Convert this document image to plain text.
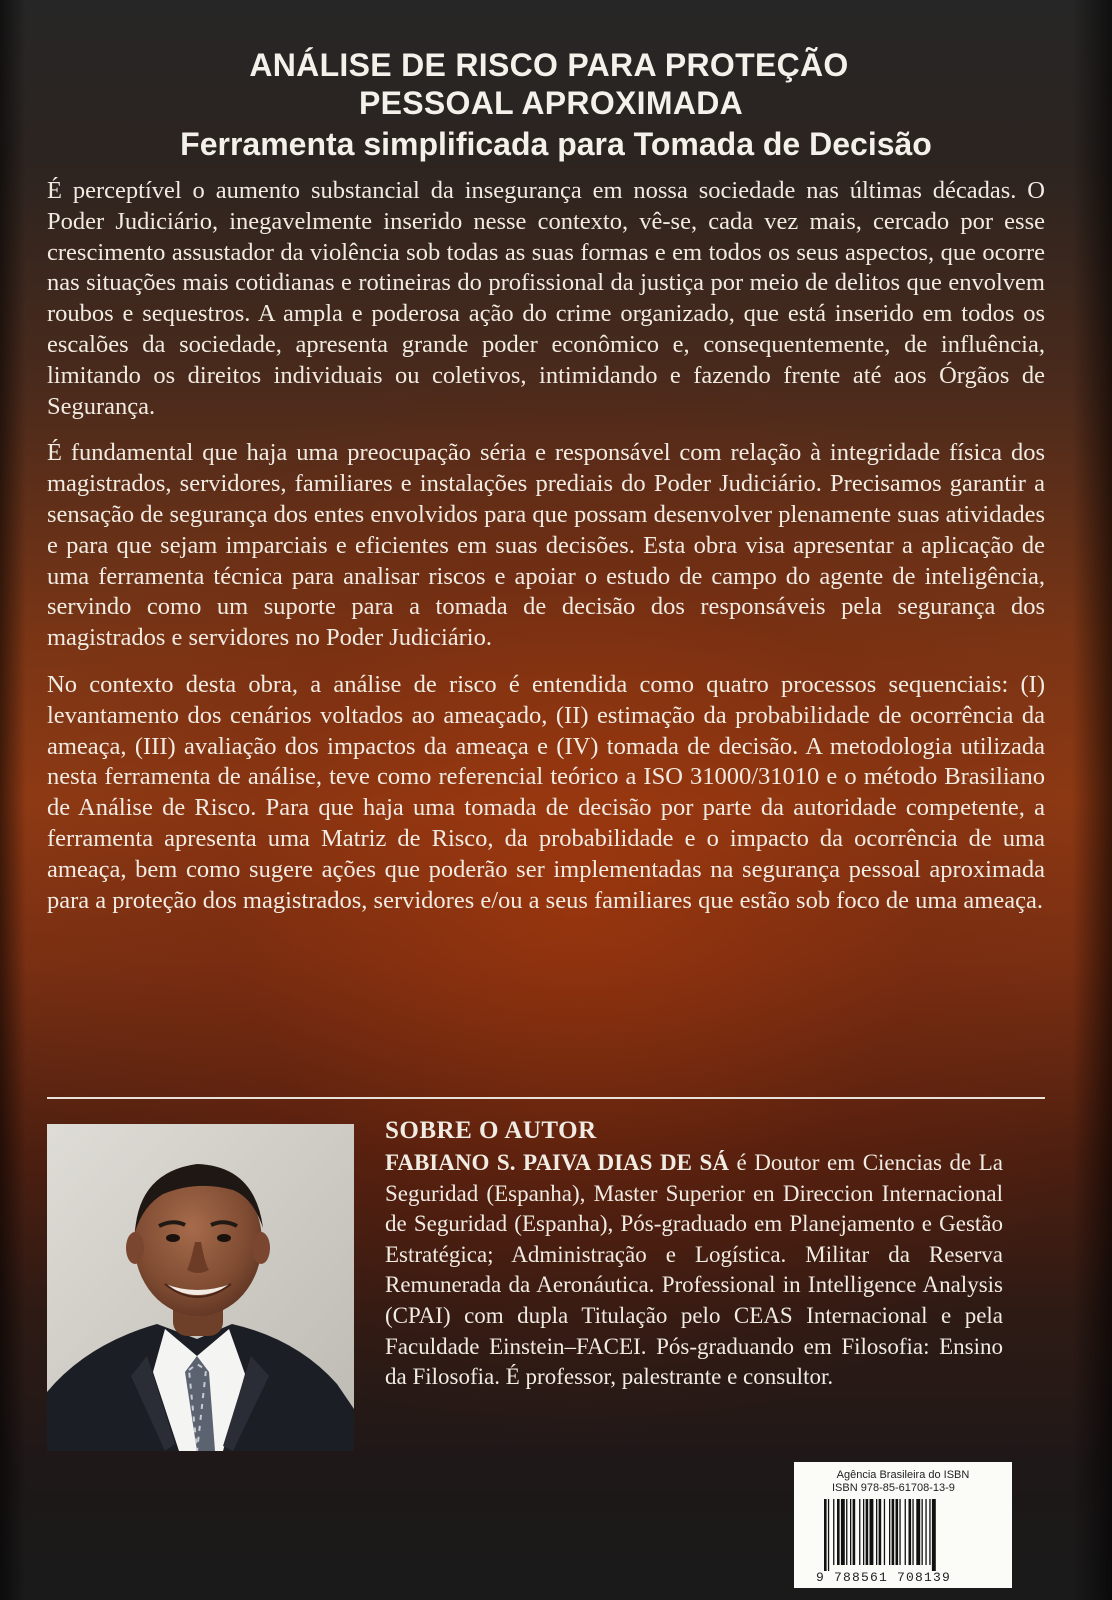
ANÁLISE DE RISCO PARA PROTEÇÃO
PESSOAL APROXIMADA
Ferramenta simplificada para Tomada de Decisão

É perceptível o aumento substancial da insegurança em nossa sociedade nas últimas décadas. O Poder Judiciário, inegavelmente inserido nesse contexto, vê-se, cada vez mais, cercado por esse crescimento assustador da violência sob todas as suas formas e em todos os seus aspectos, que ocorre nas situações mais cotidianas e rotineiras do profissional da justiça por meio de delitos que envolvem roubos e sequestros. A ampla e poderosa ação do crime organizado, que está inserido em todos os escalões da sociedade, apresenta grande poder econômico e, consequentemente, de influência, limitando os direitos individuais ou coletivos, intimidando e fazendo frente até aos Órgãos de Segurança.

É fundamental que haja uma preocupação séria e responsável com relação à integridade física dos magistrados, servidores, familiares e instalações prediais do Poder Judiciário. Precisamos garantir a sensação de segurança dos entes envolvidos para que possam desenvolver plenamente suas atividades e para que sejam imparciais e eficientes em suas decisões. Esta obra visa apresentar a aplicação de uma ferramenta técnica para analisar riscos e apoiar o estudo de campo do agente de inteligência, servindo como um suporte para a tomada de decisão dos responsáveis pela segurança dos magistrados e servidores no Poder Judiciário.

No contexto desta obra, a análise de risco é entendida como quatro processos sequenciais: (I) levantamento dos cenários voltados ao ameaçado, (II) estimação da probabilidade de ocorrência da ameaça, (III) avaliação dos impactos da ameaça e (IV) tomada de decisão. A metodologia utilizada nesta ferramenta de análise, teve como referencial teórico a ISO 31000/31010 e o método Brasiliano de Análise de Risco. Para que haja uma tomada de decisão por parte da autoridade competente, a ferramenta apresenta uma Matriz de Risco, da probabilidade e o impacto da ocorrência de uma ameaça, bem como sugere ações que poderão ser implementadas na segurança pessoal aproximada para a proteção dos magistrados, servidores e/ou a seus familiares que estão sob foco de uma ameaça.

SOBRE O AUTOR
FABIANO S. PAIVA DIAS DE SÁ é Doutor em Ciencias de La Seguridad (Espanha), Master Superior en Direccion Internacional de Seguridad (Espanha), Pós-graduado em Planejamento e Gestão Estratégica; Administração e Logística. Militar da Reserva Remunerada da Aeronáutica. Professional in Intelligence Analysis (CPAI) com dupla Titulação pelo CEAS Internacional e pela Faculdade Einstein–FACEI. Pós-graduando em Filosofia: Ensino da Filosofia. É professor, palestrante e consultor.
Agência Brasileira do ISBN
ISBN 978-85-61708-13-9
9 788561 708139
